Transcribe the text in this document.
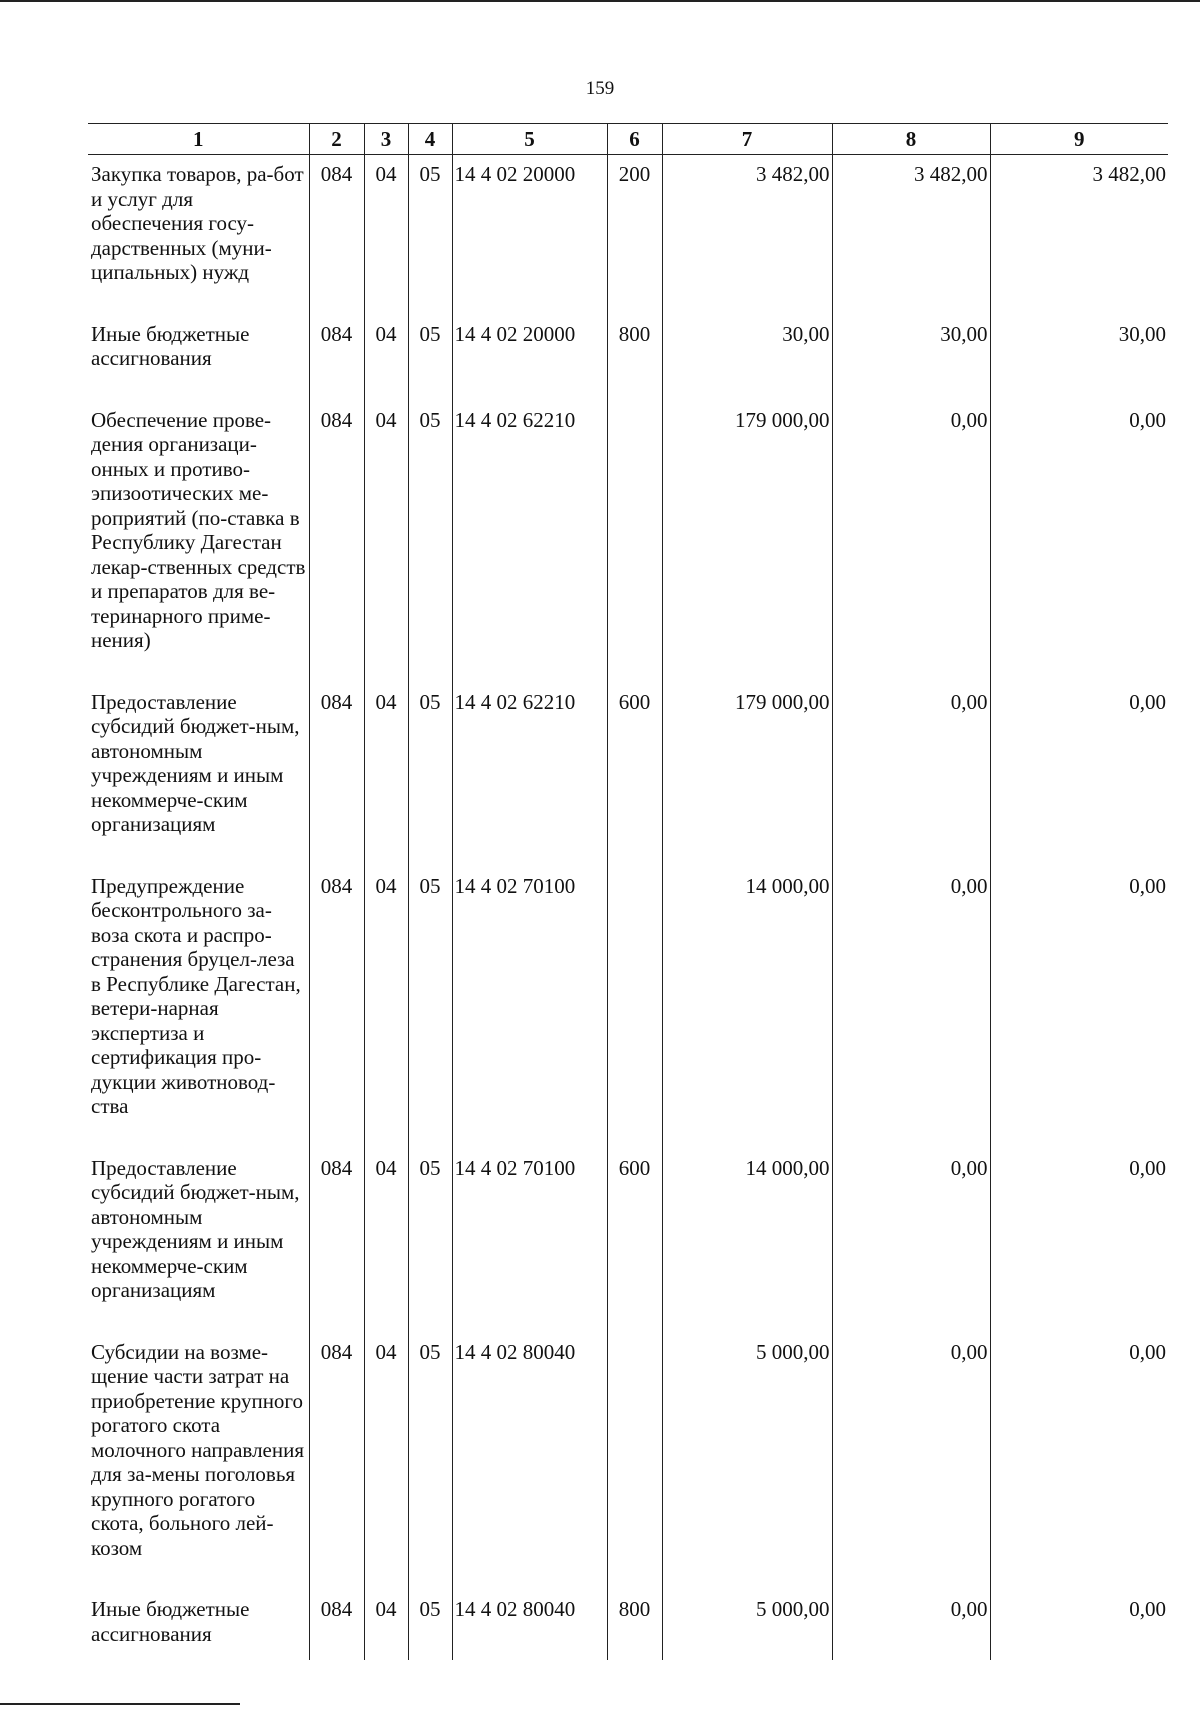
159
1	2	3	4	5	6	7	8	9
Закупка товаров, ра-бот и услуг для обеспечения госу-дарственных (муни-ципальных) нужд	084	04	05	14 4 02 20000	200	3 482,00	3 482,00	3 482,00
Иные бюджетные ассигнования	084	04	05	14 4 02 20000	800	30,00	30,00	30,00
Обеспечение прове-дения организаци-онных и противо-эпизоотических ме-роприятий (по-ставка в Республику Дагестан лекар-ственных средств и препаратов для ве-теринарного приме-нения)	084	04	05	14 4 02 62210		179 000,00	0,00	0,00
Предоставление субсидий бюджет-ным, автономным учреждениям и иным некоммерче-ским организациям	084	04	05	14 4 02 62210	600	179 000,00	0,00	0,00
Предупреждение бесконтрольного за-воза скота и распро-странения бруцел-леза в Республике Дагестан, ветери-нарная экспертиза и сертификация про-дукции животновод-ства	084	04	05	14 4 02 70100		14 000,00	0,00	0,00
Предоставление субсидий бюджет-ным, автономным учреждениям и иным некоммерче-ским организациям	084	04	05	14 4 02 70100	600	14 000,00	0,00	0,00
Субсидии на возме-щение части затрат на приобретение крупного рогатого скота молочного направления для за-мены поголовья крупного рогатого скота, больного лей-козом	084	04	05	14 4 02 80040		5 000,00	0,00	0,00
Иные бюджетные ассигнования	084	04	05	14 4 02 80040	800	5 000,00	0,00	0,00
